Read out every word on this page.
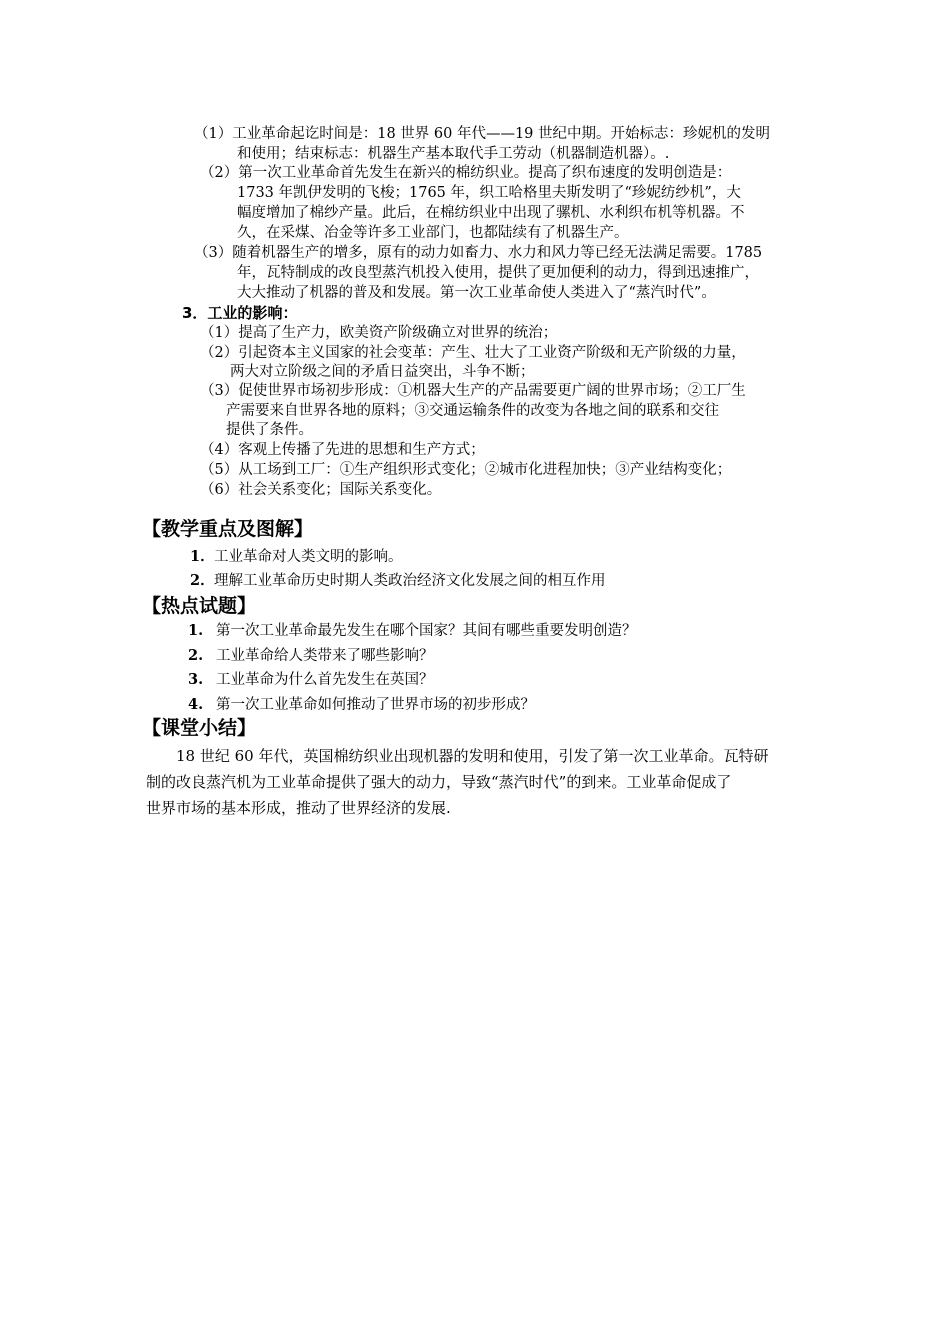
（1）工业革命起讫时间是：18 世界 60 年代——19 世纪中期。开始标志：珍妮机的发明
和使用；结束标志：机器生产基本取代手工劳动（机器制造机器）。.
（2）第一次工业革命首先发生在新兴的棉纺织业。提高了织布速度的发明创造是：
1733 年凯伊发明的飞梭；1765 年，织工哈格里夫斯发明了“珍妮纺纱机”，大
幅度增加了棉纱产量。此后，在棉纺织业中出现了骡机、水利织布机等机器。不
久，在采煤、冶金等许多工业部门，也都陆续有了机器生产。
（3）随着机器生产的增多，原有的动力如畜力、水力和风力等已经无法满足需要。1785
年，瓦特制成的改良型蒸汽机投入使用，提供了更加便利的动力，得到迅速推广，
大大推动了机器的普及和发展。第一次工业革命使人类进入了“蒸汽时代”。
3．工业的影响：
（1）提高了生产力，欧美资产阶级确立对世界的统治；
（2）引起资本主义国家的社会变革：产生、壮大了工业资产阶级和无产阶级的力量，
两大对立阶级之间的矛盾日益突出，斗争不断；
（3）促使世界市场初步形成：①机器大生产的产品需要更广阔的世界市场；②工厂生
产需要来自世界各地的原料；③交通运输条件的改变为各地之间的联系和交往
提供了条件。
（4）客观上传播了先进的思想和生产方式；
（5）从工场到工厂：①生产组织形式变化；②城市化进程加快；③产业结构变化；
（6）社会关系变化；国际关系变化。
【教学重点及图解】
1．工业革命对人类文明的影响。
2．理解工业革命历史时期人类政治经济文化发展之间的相互作用
【热点试题】
1. 第一次工业革命最先发生在哪个国家？其间有哪些重要发明创造？
2. 工业革命给人类带来了哪些影响？
3. 工业革命为什么首先发生在英国？
4. 第一次工业革命如何推动了世界市场的初步形成？
【课堂小结】
18 世纪 60 年代，英国棉纺织业出现机器的发明和使用，引发了第一次工业革命。瓦特研
制的改良蒸汽机为工业革命提供了强大的动力，导致“蒸汽时代”的到来。工业革命促成了
世界市场的基本形成，推动了世界经济的发展.
